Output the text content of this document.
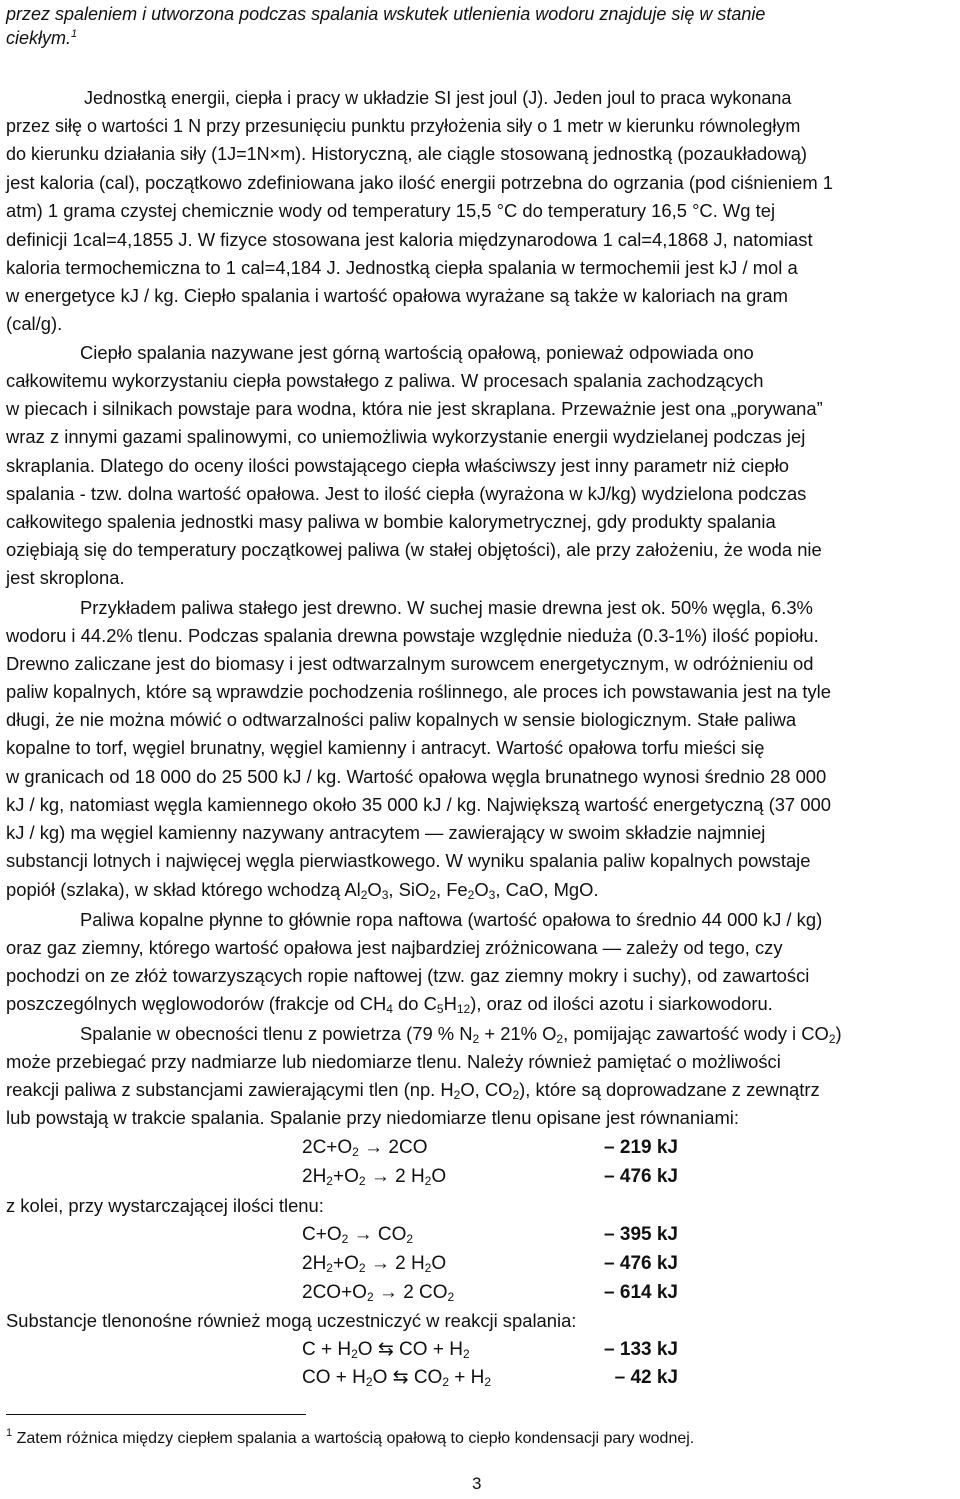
przez spaleniem i utworzona podczas spalania wskutek utlenienia wodoru znajduje się w stanie
ciekłym.$^1$
Jednostką energii, ciepła i pracy w układzie SI jest joul (J). Jeden joul to praca wykonana
przez siłę o wartości 1 N przy przesunięciu punktu przyłożenia siły o 1 metr w kierunku równoległym
do kierunku działania siły (1J=1N×m). Historyczną, ale ciągle stosowaną jednostką (pozaukładową)
jest kaloria (cal), początkowo zdefiniowana jako ilość energii potrzebna do ogrzania (pod ciśnieniem 1
atm) 1 grama czystej chemicznie wody od temperatury 15,5 °C do temperatury 16,5 °C. Wg tej
definicji 1cal=4,1855 J. W fizyce stosowana jest kaloria międzynarodowa 1 cal=4,1868 J, natomiast
kaloria termochemiczna to 1 cal=4,184 J. Jednostką ciepła spalania w termochemii jest kJ / mol a
w energetyce kJ / kg. Ciepło spalania i wartość opałowa wyrażane są także w kaloriach na gram
(cal/g).
Ciepło spalania nazywane jest górną wartością opałową, ponieważ odpowiada ono
całkowitemu wykorzystaniu ciepła powstałego z paliwa. W procesach spalania zachodzących
w piecach i silnikach powstaje para wodna, która nie jest skraplana. Przeważnie jest ona „porywana”
wraz z innymi gazami spalinowymi, co uniemożliwia wykorzystanie energii wydzielanej podczas jej
skraplania. Dlatego do oceny ilości powstającego ciepła właściwszy jest inny parametr niż ciepło
spalania - tzw. dolna wartość opałowa. Jest to ilość ciepła (wyrażona w kJ/kg) wydzielona podczas
całkowitego spalenia jednostki masy paliwa w bombie kalorymetrycznej, gdy produkty spalania
oziębiają się do temperatury początkowej paliwa (w stałej objętości), ale przy założeniu, że woda nie
jest skroplona.
Przykładem paliwa stałego jest drewno. W suchej masie drewna jest ok. 50% węgla, 6.3%
wodoru i 44.2% tlenu. Podczas spalania drewna powstaje względnie nieduża (0.3-1%) ilość popiołu.
Drewno zaliczane jest do biomasy i jest odtwarzalnym surowcem energetycznym, w odróżnieniu od
paliw kopalnych, które są wprawdzie pochodzenia roślinnego, ale proces ich powstawania jest na tyle
długi, że nie można mówić o odtwarzalności paliw kopalnych w sensie biologicznym. Stałe paliwa
kopalne to torf, węgiel brunatny, węgiel kamienny i antracyt. Wartość opałowa torfu mieści się
w granicach od 18 000 do 25 500 kJ / kg. Wartość opałowa węgla brunatnego wynosi średnio 28 000
kJ / kg, natomiast węgla kamiennego około 35 000 kJ / kg. Największą wartość energetyczną (37 000
kJ / kg) ma węgiel kamienny nazywany antracytem — zawierający w swoim składzie najmniej
substancji lotnych i najwięcej węgla pierwiastkowego. W wyniku spalania paliw kopalnych powstaje
popiół (szlaka), w skład którego wchodzą $Al_2O_3$, SiO$_2$, $Fe_2O_3$, CaO, MgO.
Paliwa kopalne płynne to głównie ropa naftowa (wartość opałowa to średnio 44 000 kJ / kg)
oraz gaz ziemny, którego wartość opałowa jest najbardziej zróżnicowana — zależy od tego, czy
pochodzi on ze złóż towarzyszących ropie naftowej (tzw. gaz ziemny mokry i suchy), od zawartości
poszczególnych węglowodorów (frakcje od $CH_4$ do $C_5H_{12}$), oraz od ilości azotu i siarkowodoru.
Spalanie w obecności tlenu z powietrza (79 % $N_2 + 21\%$ $O_2$, pomijając zawartość wody i $CO_2$)
może przebiegać przy nadmiarze lub niedomiarze tlenu. Należy również pamiętać o możliwości
reakcji paliwa z substancjami zawierającymi tlen (np. $H_2O$, $CO_2$), które są doprowadzane z zewnątrz
lub powstają w trakcie spalania. Spalanie przy niedomiarze tlenu opisane jest równaniami:
$2C+O_2 \to 2CO$	– 219 kJ
$2H_2+O_2 \to 2$ $H_2O$	– 476 kJ
z kolei, przy wystarczającej ilości tlenu:
$C+O_2 \to CO_2$	– 395 kJ
$2H_2+O_2 \to 2$ $H_2O$	– 476 kJ
$2CO+O_2 \to 2$ $CO_2$	– 614 kJ
Substancje tlenonośne również mogą uczestniczyć w reakcji spalania:
$C + H_2O$ ⇆ CO + $H_2$	– 133 kJ
CO + $H_2O$ ⇆ $CO_2 + H_2$	– 42 kJ
$^1$ Zatem różnica między ciepłem spalania a wartością opałową to ciepło kondensacji pary wodnej.
3
